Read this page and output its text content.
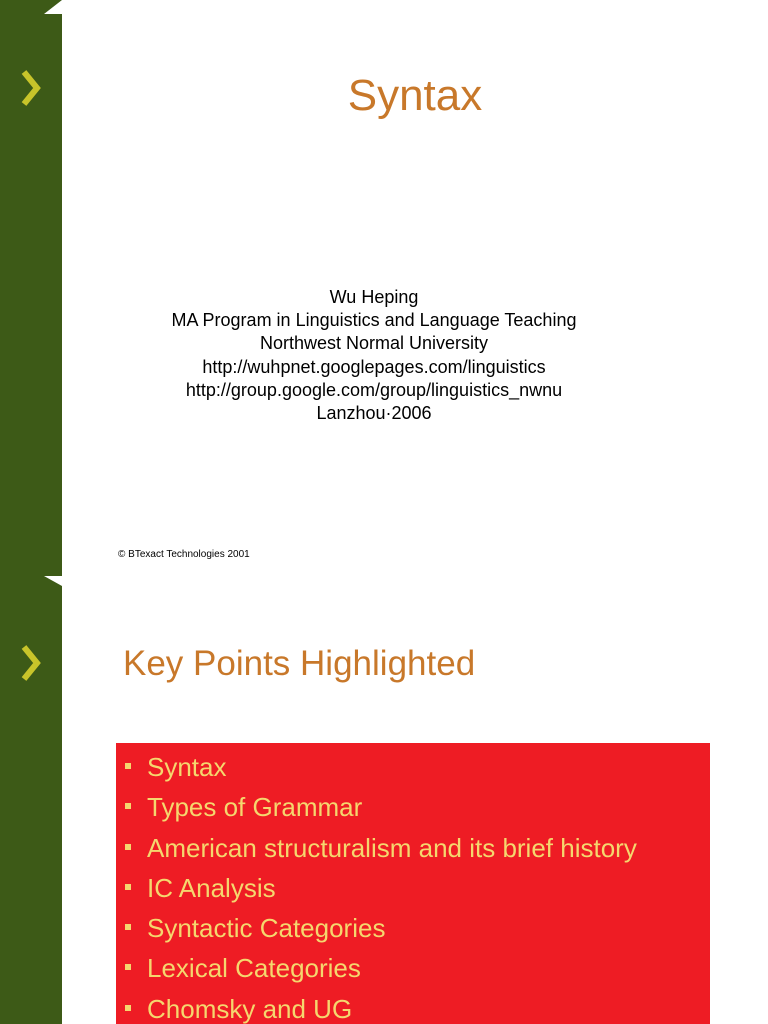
Syntax
Wu Heping
MA Program in Linguistics and Language Teaching
Northwest Normal University
http://wuhpnet.googlepages.com/linguistics
http://group.google.com/group/linguistics_nwnu
Lanzhou·2006
© BTexact Technologies 2001
Key Points Highlighted
Syntax
Types of Grammar
American structuralism and its brief history
IC Analysis
Syntactic Categories
Lexical Categories
Chomsky and UG
